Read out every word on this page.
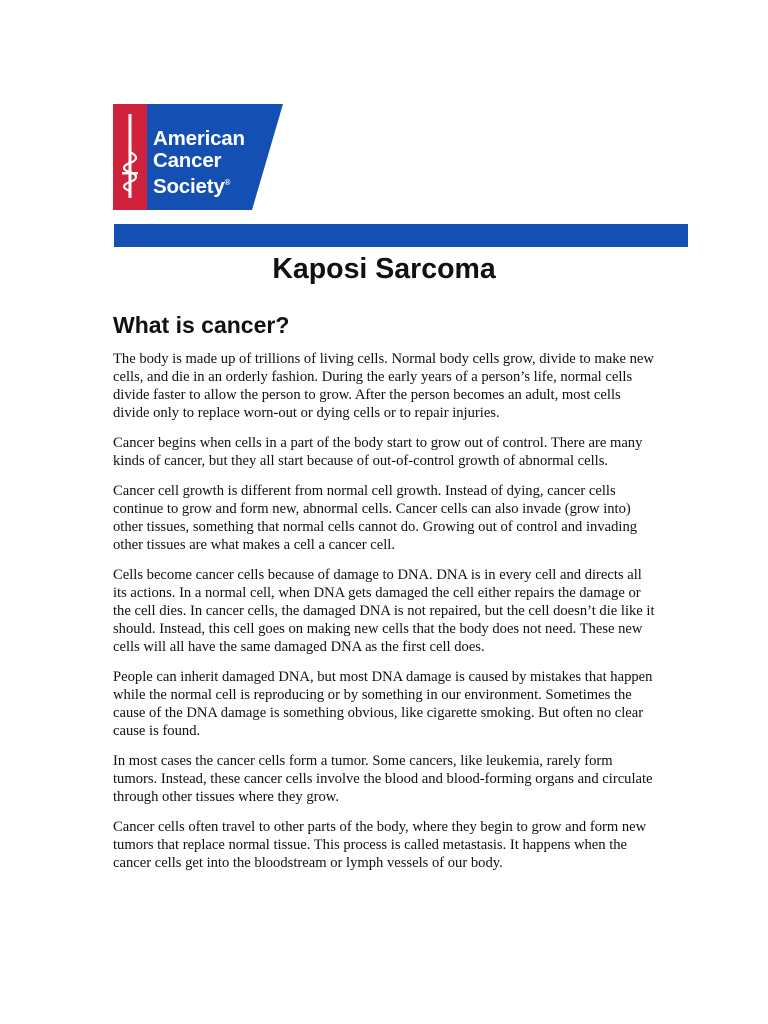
American
Cancer
Society®
Kaposi Sarcoma
What is cancer?

The body is made up of trillions of living cells. Normal body cells grow, divide to make new cells, and die in an orderly fashion. During the early years of a person’s life, normal cells divide faster to allow the person to grow. After the person becomes an adult, most cells divide only to replace worn-out or dying cells or to repair injuries.

Cancer begins when cells in a part of the body start to grow out of control. There are many kinds of cancer, but they all start because of out-of-control growth of abnormal cells.

Cancer cell growth is different from normal cell growth. Instead of dying, cancer cells continue to grow and form new, abnormal cells. Cancer cells can also invade (grow into) other tissues, something that normal cells cannot do. Growing out of control and invading other tissues are what makes a cell a cancer cell.

Cells become cancer cells because of damage to DNA. DNA is in every cell and directs all its actions. In a normal cell, when DNA gets damaged the cell either repairs the damage or the cell dies. In cancer cells, the damaged DNA is not repaired, but the cell doesn’t die like it should. Instead, this cell goes on making new cells that the body does not need. These new cells will all have the same damaged DNA as the first cell does.

People can inherit damaged DNA, but most DNA damage is caused by mistakes that happen while the normal cell is reproducing or by something in our environment. Sometimes the cause of the DNA damage is something obvious, like cigarette smoking. But often no clear cause is found.

In most cases the cancer cells form a tumor. Some cancers, like leukemia, rarely form tumors. Instead, these cancer cells involve the blood and blood-forming organs and circulate through other tissues where they grow.

Cancer cells often travel to other parts of the body, where they begin to grow and form new tumors that replace normal tissue. This process is called metastasis. It happens when the cancer cells get into the bloodstream or lymph vessels of our body.
